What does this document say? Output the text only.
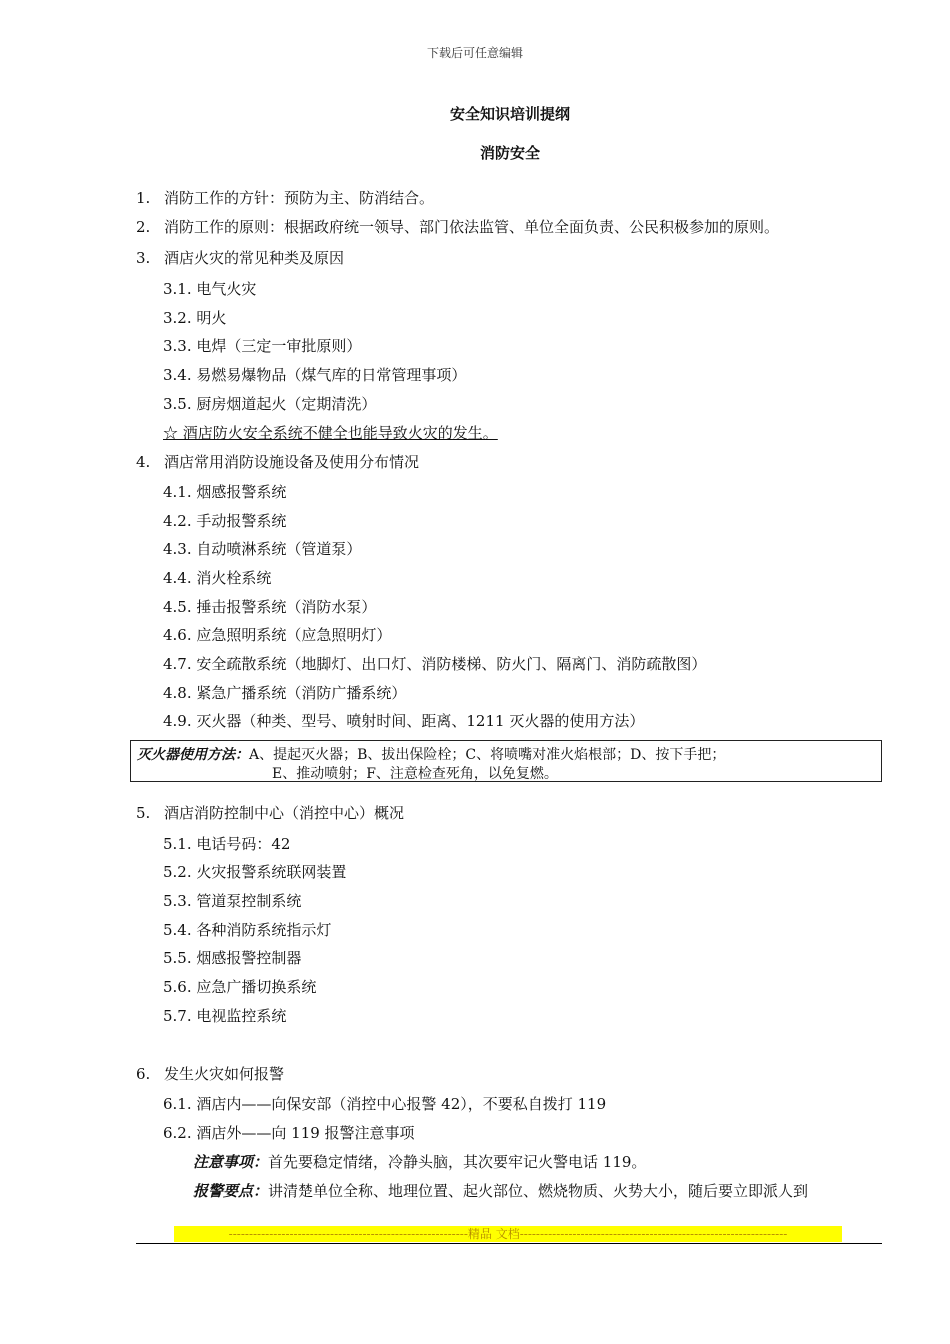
下载后可任意编辑
安全知识培训提纲
消防安全
1. 消防工作的方针：预防为主、防消结合。
2. 消防工作的原则：根据政府统一领导、部门依法监管、单位全面负责、公民积极参加的原则。
3. 酒店火灾的常见种类及原因
3.1. 电气火灾
3.2. 明火
3.3. 电焊（三定一审批原则）
3.4. 易燃易爆物品（煤气库的日常管理事项）
3.5. 厨房烟道起火（定期清洗）
☆ 酒店防火安全系统不健全也能导致火灾的发生。
4. 酒店常用消防设施设备及使用分布情况
4.1. 烟感报警系统
4.2. 手动报警系统
4.3. 自动喷淋系统（管道泵）
4.4. 消火栓系统
4.5. 捶击报警系统（消防水泵）
4.6. 应急照明系统（应急照明灯）
4.7. 安全疏散系统（地脚灯、出口灯、消防楼梯、防火门、隔离门、消防疏散图）
4.8. 紧急广播系统（消防广播系统）
4.9. 灭火器（种类、型号、喷射时间、距离、1211 灭火器的使用方法）
灭火器使用方法：A、提起灭火器；B、拔出保险栓；C、将喷嘴对准火焰根部；D、按下手把；
E、推动喷射；F、注意检查死角，以免复燃。
5. 酒店消防控制中心（消控中心）概况
5.1. 电话号码：42
5.2. 火灾报警系统联网装置
5.3. 管道泵控制系统
5.4. 各种消防系统指示灯
5.5. 烟感报警控制器
5.6. 应急广播切换系统
5.7. 电视监控系统
6. 发生火灾如何报警
6.1. 酒店内——向保安部（消控中心报警 42），不要私自拨打 119
6.2. 酒店外——向 119 报警注意事项
注意事项：首先要稳定情绪，冷静头脑，其次要牢记火警电话 119。
报警要点：讲清楚单位全称、地理位置、起火部位、燃烧物质、火势大小，随后要立即派人到
-----------------------------------------------------------精品 文档------------------------------------------------------------------
